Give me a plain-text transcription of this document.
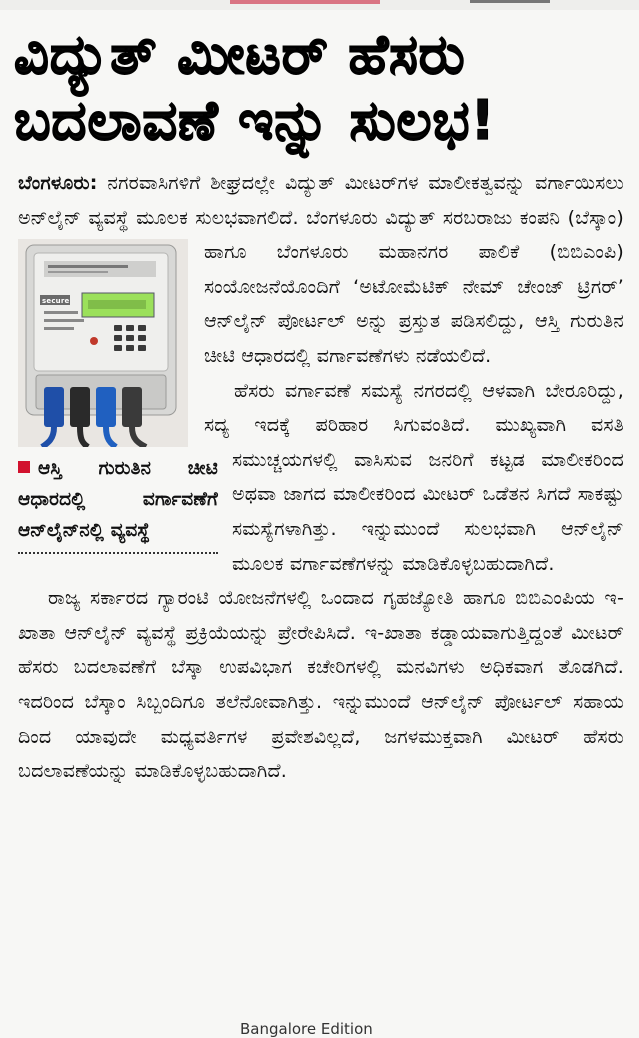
ವಿದ್ಯುತ್ ಮೀಟರ್ ಹೆಸರು
ಬದಲಾವಣೆ ಇನ್ನು ಸುಲಭ!

ಬೆಂಗಳೂರು: ನಗರವಾಸಿಗಳಿಗೆ ಶೀಘ್ರದಲ್ಲೇ ವಿದ್ಯುತ್ ಮೀಟರ್‌ಗಳ ಮಾಲೀಕತ್ವವನ್ನು ವರ್ಗಾಯಿಸಲು ಅನ್‌ಲೈನ್ ವ್ಯವಸ್ಥೆ ಮೂಲಕ ಸುಲಭವಾಗಲಿದೆ. ಬೆಂಗಳೂರು ವಿದ್ಯುತ್ ಸರಬರಾಜು ಕಂಪನಿ (ಬೆಸ್ಕಾಂ) ಹಾಗೂ ಬೆಂಗಳೂರು ಮಹಾನಗರ ಪಾಲಿಕೆ (ಬಿಬಿಎಂಪಿ)
secure
ಆಸ್ತಿ ಗುರುತಿನ ಚೀಟಿ ಆಧಾರದಲ್ಲಿ ವರ್ಗಾವಣೆಗೆ ಆನ್‌ಲೈನ್‌ನಲ್ಲಿ ವ್ಯವಸ್ಥೆ
ಸಂಯೋಜನೆಯೊಂದಿಗೆ ‘ಅಟೋಮೆಟಿಕ್ ನೇಮ್ ಚೇಂಜ್ ಟ್ರಿಗರ್’ ಆನ್‌ಲೈನ್ ಪೋರ್ಟಲ್ ಅನ್ನು ಪ್ರಸ್ತುತ ಪಡಿಸಲಿದ್ದು, ಆಸ್ತಿ ಗುರುತಿನ ಚೀಟಿ ಆಧಾರದಲ್ಲಿ ವರ್ಗಾವಣೆಗಳು ನಡೆಯಲಿದೆ.

ಹೆಸರು ವರ್ಗಾವಣೆ ಸಮಸ್ಯೆ ನಗರದಲ್ಲಿ ಆಳವಾಗಿ ಬೇರೂರಿದ್ದು, ಸದ್ಯ ಇದಕ್ಕೆ ಪರಿಹಾರ ಸಿಗುವಂತಿದೆ. ಮುಖ್ಯವಾಗಿ ವಸತಿ ಸಮುಚ್ಚಯಗಳಲ್ಲಿ ವಾಸಿಸುವ ಜನರಿಗೆ ಕಟ್ಟಡ ಮಾಲೀಕರಿಂದ ಅಥವಾ ಜಾಗದ ಮಾಲೀಕರಿಂದ ಮೀಟರ್ ಒಡೆತನ ಸಿಗದೆ ಸಾಕಷ್ಟು ಸಮಸ್ಯೆಗಳಾಗಿತ್ತು. ಇನ್ನುಮುಂದೆ ಸುಲಭವಾಗಿ ಆನ್‌ಲೈನ್ ಮೂಲಕ ವರ್ಗಾವಣೆಗಳನ್ನು ಮಾಡಿಕೊಳ್ಳಬಹುದಾಗಿದೆ.

ರಾಜ್ಯ ಸರ್ಕಾರದ ಗ್ಯಾರಂಟಿ ಯೋಜನೆಗಳಲ್ಲಿ ಒಂದಾದ ಗೃಹಜ್ಯೋತಿ ಹಾಗೂ ಬಿಬಿಎಂಪಿಯ ಇ-ಖಾತಾ ಆನ್‌ಲೈನ್ ವ್ಯವಸ್ಥೆ ಪ್ರಕ್ರಿಯೆಯನ್ನು ಪ್ರೇರೇಪಿಸಿದೆ. ಇ-ಖಾತಾ ಕಡ್ಡಾಯವಾಗುತ್ತಿದ್ದಂತೆ ಮೀಟರ್ ಹೆಸರು ಬದಲಾವಣೆಗೆ ಬೆಸ್ಕಾ ಉಪವಿಭಾಗ ಕಚೇರಿಗಳಲ್ಲಿ ಮನವಿಗಳು ಅಧಿಕವಾಗ ತೊಡಗಿದೆ. ಇದರಿಂದ ಬೆಸ್ಕಾಂ ಸಿಬ್ಬಂದಿಗೂ ತಲೆನೋವಾಗಿತ್ತು. ಇನ್ನುಮುಂದೆ ಆನ್‌ಲೈನ್ ಪೋರ್ಟಲ್ ಸಹಾಯ ದಿಂದ ಯಾವುದೇ ಮಧ್ಯವರ್ತಿಗಳ ಪ್ರವೇಶವಿಲ್ಲದೆ, ಜಗಳಮುಕ್ತವಾಗಿ ಮೀಟರ್ ಹೆಸರು ಬದಲಾವಣೆಯನ್ನು ಮಾಡಿಕೊಳ್ಳಬಹುದಾಗಿದೆ.

Bangalore Edition
